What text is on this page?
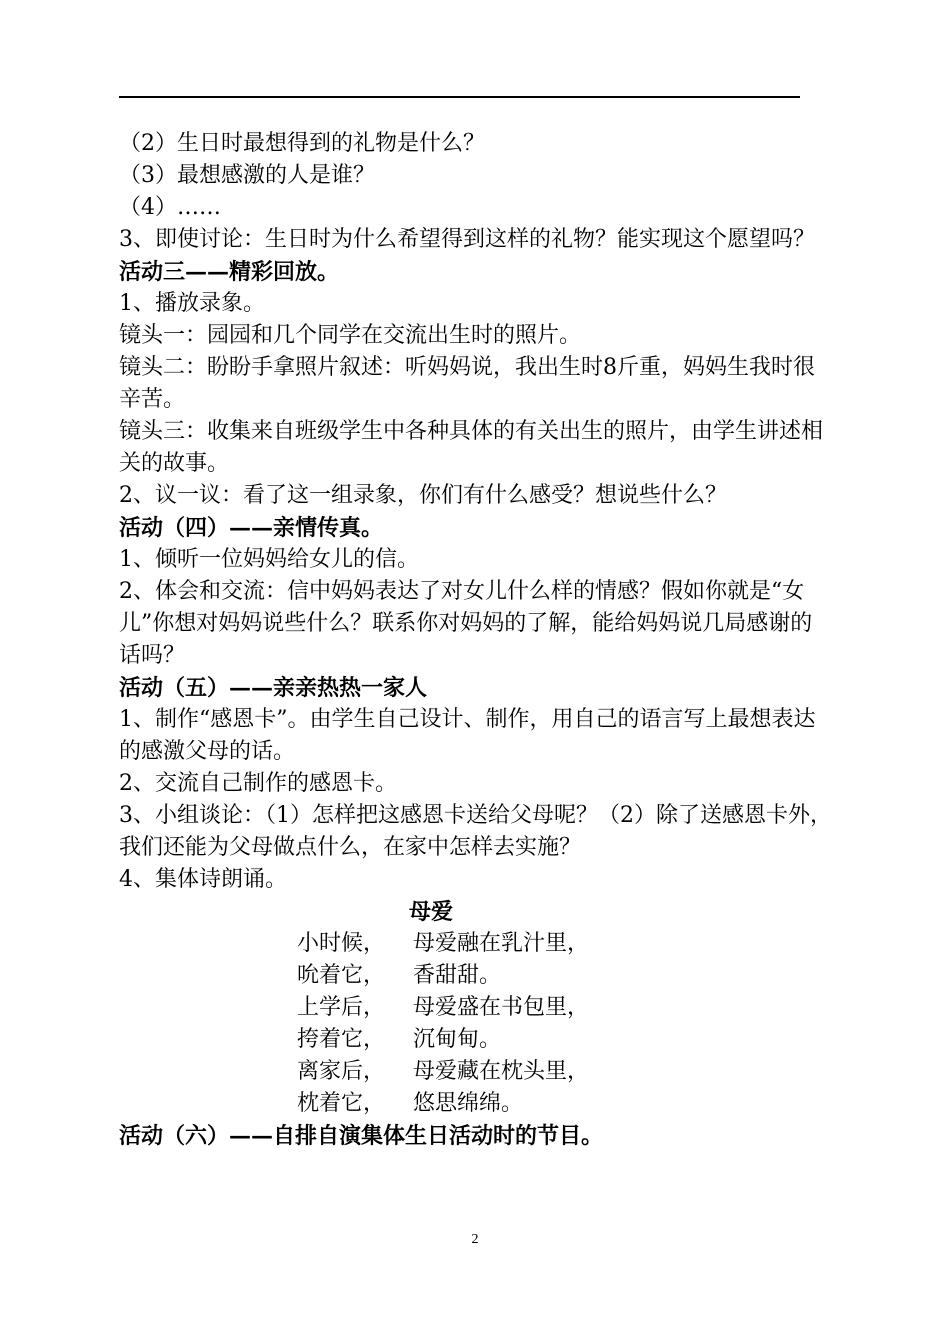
（2）生日时最想得到的礼物是什么？

（3）最想感激的人是谁？

（4）……

3、即使讨论：生日时为什么希望得到这样的礼物？能实现这个愿望吗？

活动三——精彩回放。

1、播放录象。

镜头一：园园和几个同学在交流出生时的照片。

镜头二：盼盼手拿照片叙述：听妈妈说，我出生时8斤重，妈妈生我时很辛苦。

镜头三：收集来自班级学生中各种具体的有关出生的照片，由学生讲述相关的故事。

2、议一议：看了这一组录象，你们有什么感受？想说些什么？

活动（四）——亲情传真。

1、倾听一位妈妈给女儿的信。

2、体会和交流：信中妈妈表达了对女儿什么样的情感？假如你就是“女儿”你想对妈妈说些什么？联系你对妈妈的了解，能给妈妈说几局感谢的话吗？

活动（五）——亲亲热热一家人

1、制作“感恩卡”。由学生自己设计、制作，用自己的语言写上最想表达的感激父母的话。

2、交流自己制作的感恩卡。

3、小组谈论：（1）怎样把这感恩卡送给父母呢？（2）除了送感恩卡外，我们还能为父母做点什么，在家中怎样去实施？

4、集体诗朗诵。

母爱

小时候，	母爱融在乳汁里，
吮着它，	香甜甜。
上学后，	母爱盛在书包里，
挎着它，	沉甸甸。
离家后，	母爱藏在枕头里，
枕着它，	悠思绵绵。

活动（六）——自排自演集体生日活动时的节目。

2
